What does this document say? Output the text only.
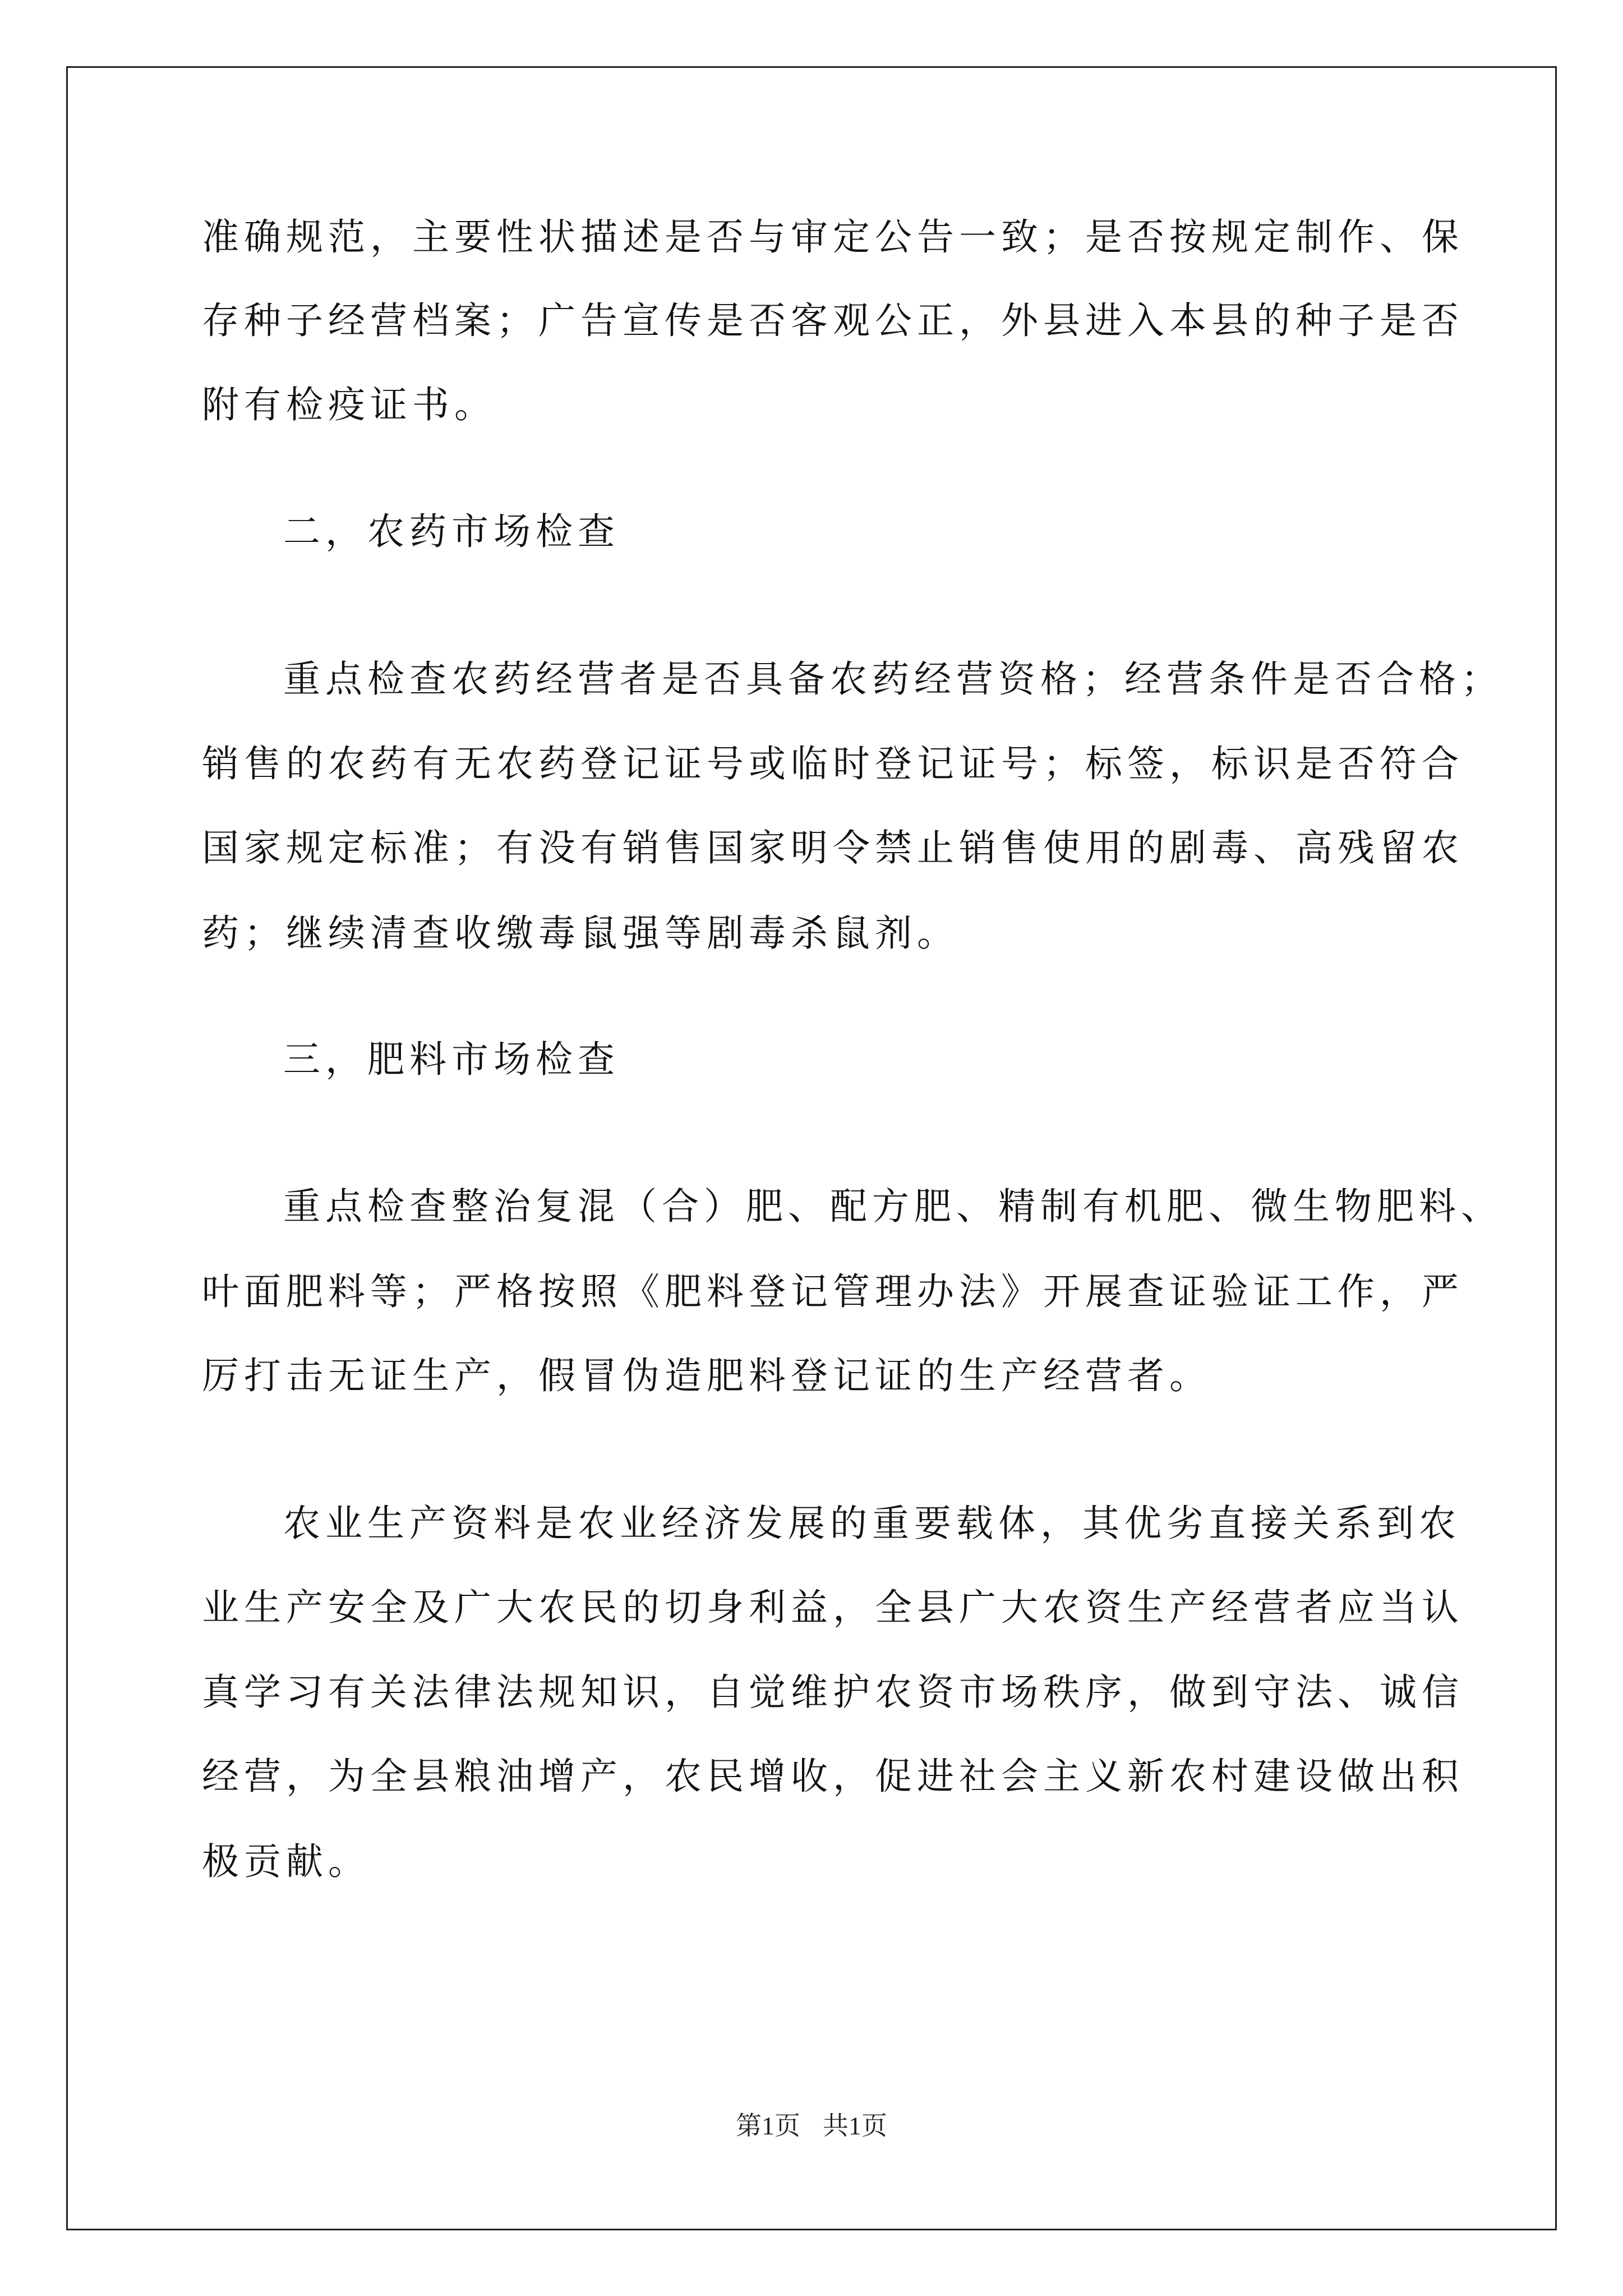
准确规范，主要性状描述是否与审定公告一致；是否按规定制作、保
存种子经营档案；广告宣传是否客观公正，外县进入本县的种子是否
附有检疫证书。
二，农药市场检查
重点检查农药经营者是否具备农药经营资格；经营条件是否合格；
销售的农药有无农药登记证号或临时登记证号；标签，标识是否符合
国家规定标准；有没有销售国家明令禁止销售使用的剧毒、高残留农
药；继续清查收缴毒鼠强等剧毒杀鼠剂。
三，肥料市场检查
重点检查整治复混（合）肥、配方肥、精制有机肥、微生物肥料、
叶面肥料等；严格按照《肥料登记管理办法》开展查证验证工作，严
厉打击无证生产，假冒伪造肥料登记证的生产经营者。
农业生产资料是农业经济发展的重要载体，其优劣直接关系到农
业生产安全及广大农民的切身利益，全县广大农资生产经营者应当认
真学习有关法律法规知识，自觉维护农资市场秩序，做到守法、诚信
经营，为全县粮油增产，农民增收，促进社会主义新农村建设做出积
极贡献。
第1页 共1页
